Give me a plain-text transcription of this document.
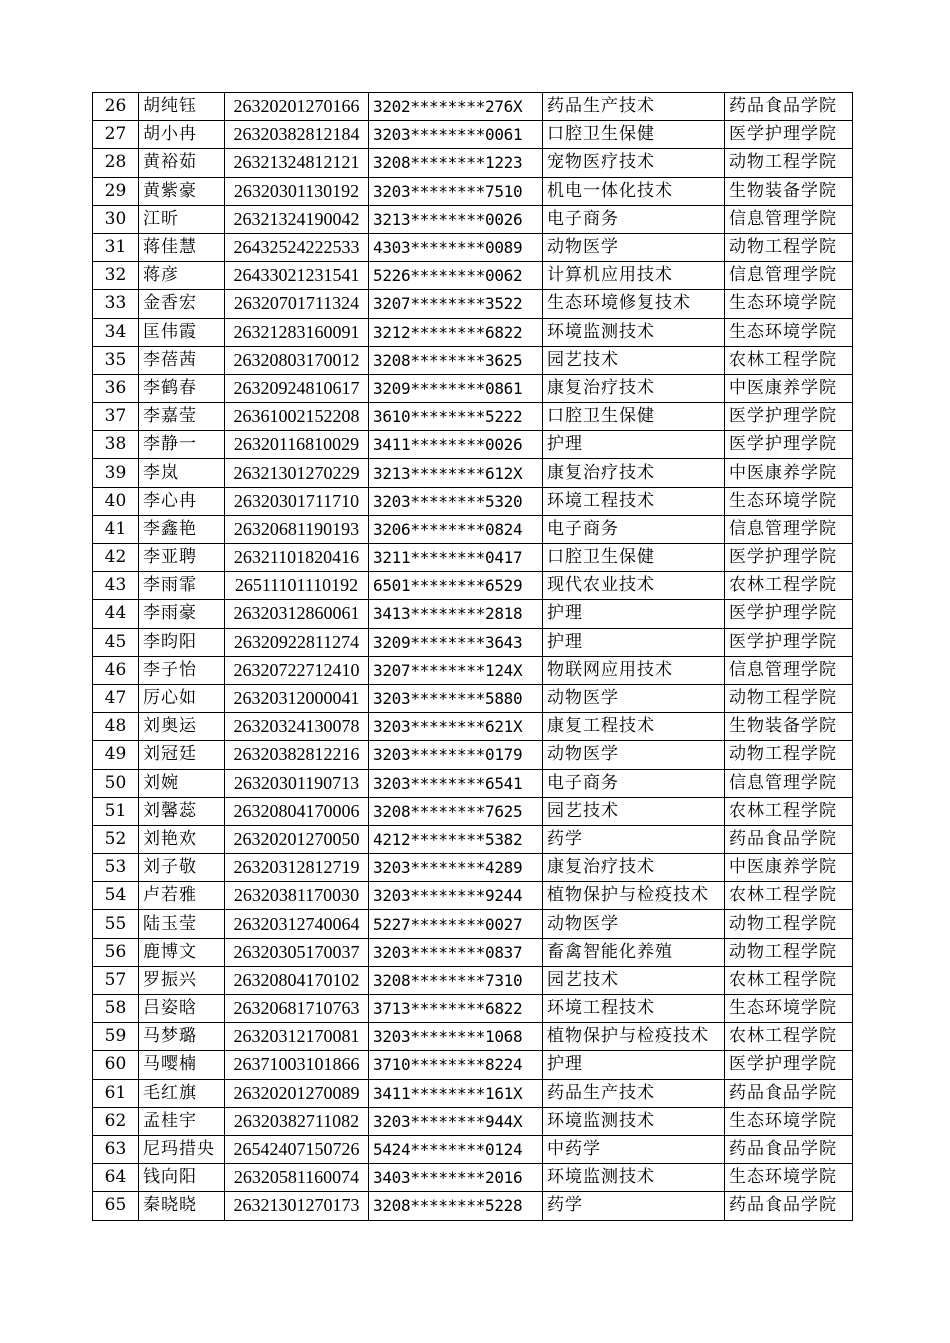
26	胡纯钰	26320201270166	3202********276X	药品生产技术	药品食品学院
27	胡小冉	26320382812184	3203********0061	口腔卫生保健	医学护理学院
28	黄裕茹	26321324812121	3208********1223	宠物医疗技术	动物工程学院
29	黄紫豪	26320301130192	3203********7510	机电一体化技术	生物装备学院
30	江昕	26321324190042	3213********0026	电子商务	信息管理学院
31	蒋佳慧	26432524222533	4303********0089	动物医学	动物工程学院
32	蒋彦	26433021231541	5226********0062	计算机应用技术	信息管理学院
33	金香宏	26320701711324	3207********3522	生态环境修复技术	生态环境学院
34	匡伟霞	26321283160091	3212********6822	环境监测技术	生态环境学院
35	李蓓茜	26320803170012	3208********3625	园艺技术	农林工程学院
36	李鹤春	26320924810617	3209********0861	康复治疗技术	中医康养学院
37	李嘉莹	26361002152208	3610********5222	口腔卫生保健	医学护理学院
38	李静一	26320116810029	3411********0026	护理	医学护理学院
39	李岚	26321301270229	3213********612X	康复治疗技术	中医康养学院
40	李心冉	26320301711710	3203********5320	环境工程技术	生态环境学院
41	李鑫艳	26320681190193	3206********0824	电子商务	信息管理学院
42	李亚聘	26321101820416	3211********0417	口腔卫生保健	医学护理学院
43	李雨霏	26511101110192	6501********6529	现代农业技术	农林工程学院
44	李雨豪	26320312860061	3413********2818	护理	医学护理学院
45	李昀阳	26320922811274	3209********3643	护理	医学护理学院
46	李子怡	26320722712410	3207********124X	物联网应用技术	信息管理学院
47	厉心如	26320312000041	3203********5880	动物医学	动物工程学院
48	刘奥运	26320324130078	3203********621X	康复工程技术	生物装备学院
49	刘冠廷	26320382812216	3203********0179	动物医学	动物工程学院
50	刘婉	26320301190713	3203********6541	电子商务	信息管理学院
51	刘馨蕊	26320804170006	3208********7625	园艺技术	农林工程学院
52	刘艳欢	26320201270050	4212********5382	药学	药品食品学院
53	刘子敬	26320312812719	3203********4289	康复治疗技术	中医康养学院
54	卢若雅	26320381170030	3203********9244	植物保护与检疫技术	农林工程学院
55	陆玉莹	26320312740064	5227********0027	动物医学	动物工程学院
56	鹿博文	26320305170037	3203********0837	畜禽智能化养殖	动物工程学院
57	罗振兴	26320804170102	3208********7310	园艺技术	农林工程学院
58	吕姿晗	26320681710763	3713********6822	环境工程技术	生态环境学院
59	马梦璐	26320312170081	3203********1068	植物保护与检疫技术	农林工程学院
60	马嘤楠	26371003101866	3710********8224	护理	医学护理学院
61	毛红旗	26320201270089	3411********161X	药品生产技术	药品食品学院
62	孟桂宇	26320382711082	3203********944X	环境监测技术	生态环境学院
63	尼玛措央	26542407150726	5424********0124	中药学	药品食品学院
64	钱向阳	26320581160074	3403********2016	环境监测技术	生态环境学院
65	秦晓晓	26321301270173	3208********5228	药学	药品食品学院
